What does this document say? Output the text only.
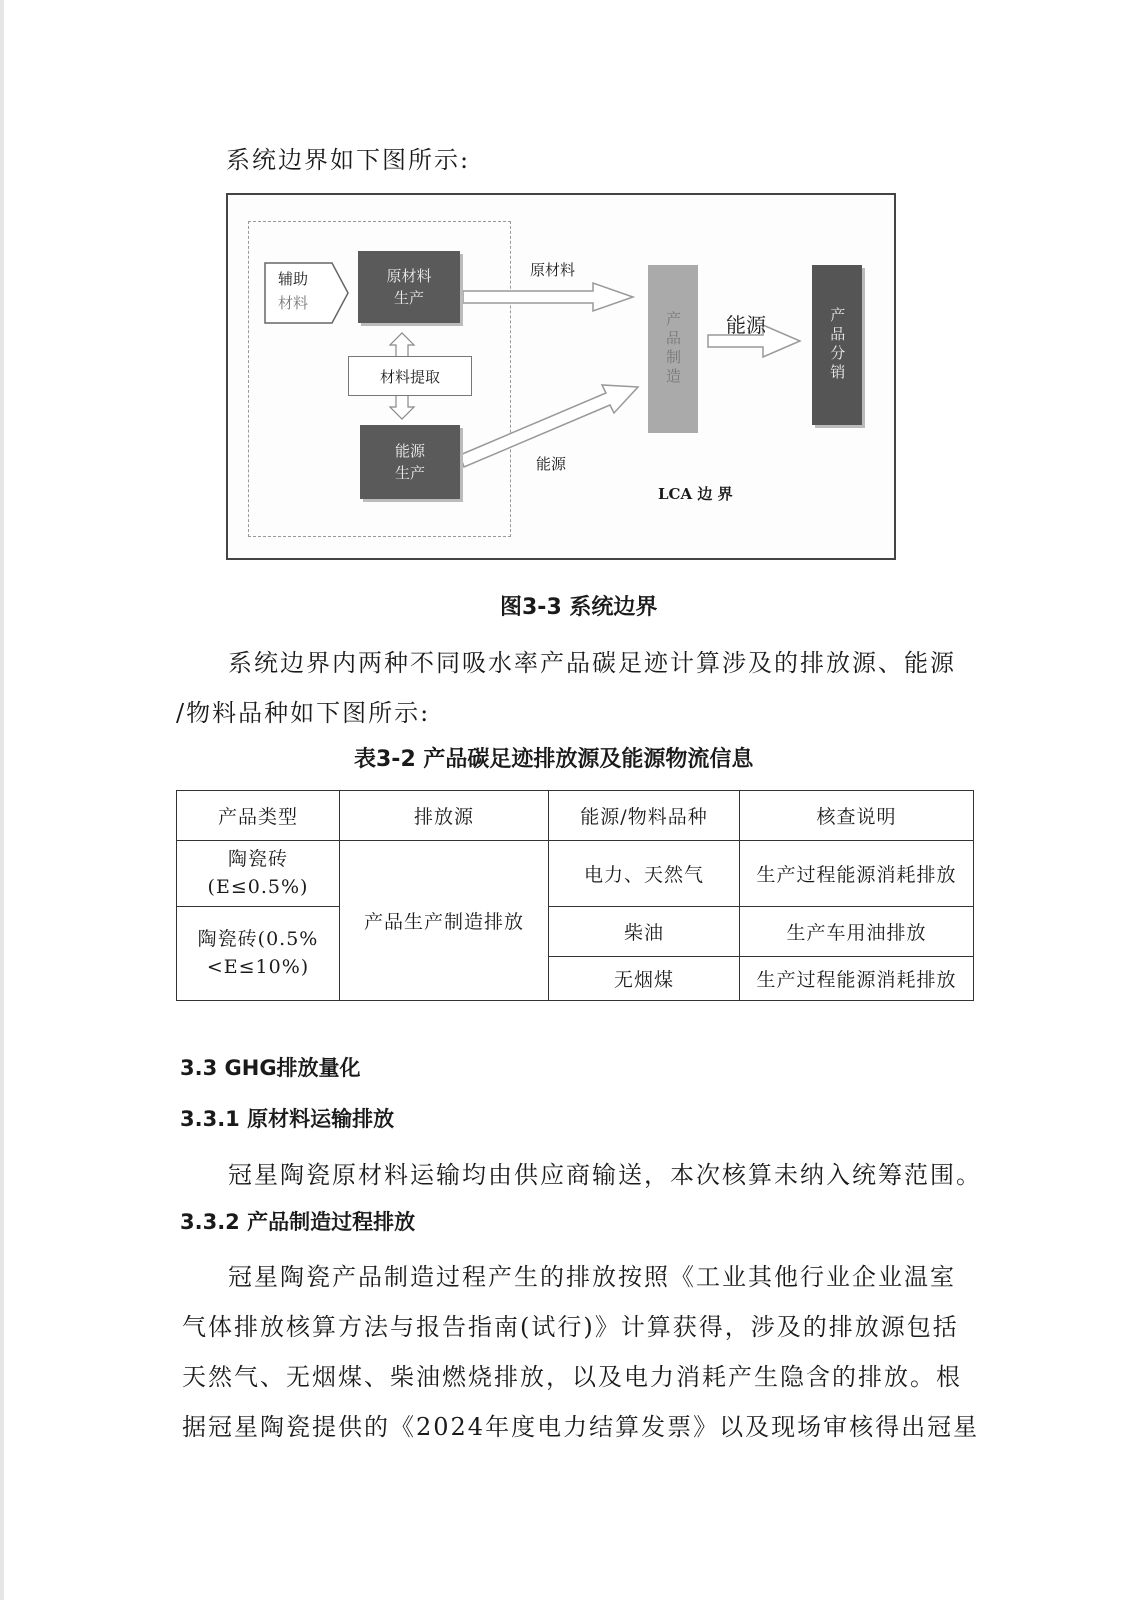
系统边界如下图所示:
辅助
材料
原材料
生产
材料提取
能源
生产
原材料
能源
产品制造 能源	产品分销
LCA 边 界
图3-3 系统边界
系统边界内两种不同吸水率产品碳足迹计算涉及的排放源、能源
/物料品种如下图所示:
表3-2 产品碳足迹排放源及能源物流信息
产品类型	排放源	能源/物料品种	核查说明

陶瓷砖
(E≤0.5%)	产品生产制造排放	电力、天然气	生产过程能源消耗排放

陶瓷砖(0.5%
<E≤10%)		柴油	生产车用油排放
		无烟煤	生产过程能源消耗排放
3.3 GHG排放量化
3.3.1 原材料运输排放
冠星陶瓷原材料运输均由供应商输送，本次核算未纳入统筹范围。
3.3.2 产品制造过程排放
冠星陶瓷产品制造过程产生的排放按照《工业其他行业企业温室
气体排放核算方法与报告指南(试行)》计算获得，涉及的排放源包括
天然气、无烟煤、柴油燃烧排放，以及电力消耗产生隐含的排放。根
据冠星陶瓷提供的《2024年度电力结算发票》以及现场审核得出冠星
